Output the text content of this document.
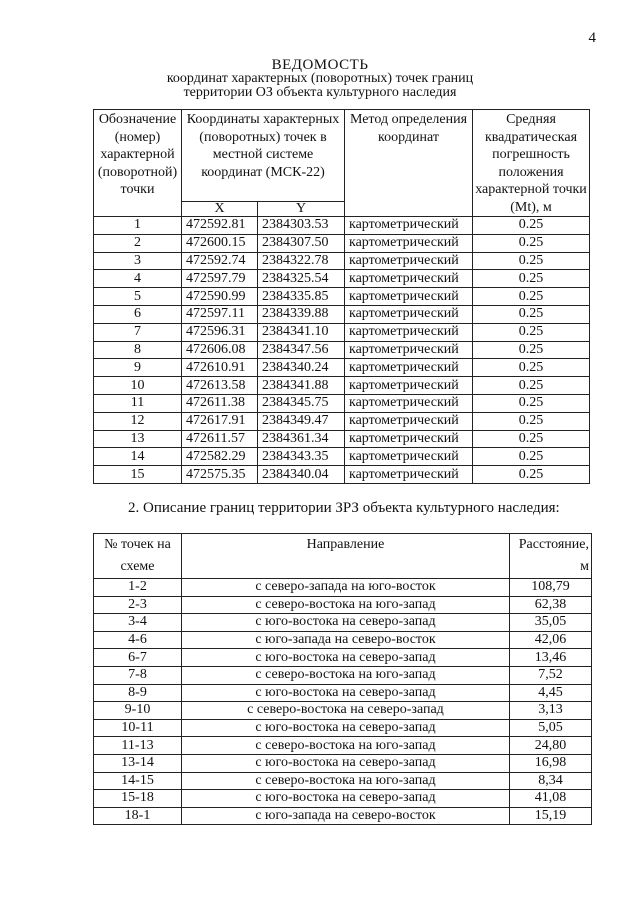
4
ВЕДОМОСТЬ
координат характерных (поворотных) точек границ
территории ОЗ объекта культурного наследия
Обозначение (номер) характерной (поворотной) точки	Координаты характерных (поворотных) точек в местной системе координат (МСК-22)		Метод определения координат	Средняя квадратическая погрешность положения характерной точки (Mt), м
	X	Y		
1	472592.81	2384303.53	картометрический	0.25
2	472600.15	2384307.50	картометрический	0.25
3	472592.74	2384322.78	картометрический	0.25
4	472597.79	2384325.54	картометрический	0.25
5	472590.99	2384335.85	картометрический	0.25
6	472597.11	2384339.88	картометрический	0.25
7	472596.31	2384341.10	картометрический	0.25
8	472606.08	2384347.56	картометрический	0.25
9	472610.91	2384340.24	картометрический	0.25
10	472613.58	2384341.88	картометрический	0.25
11	472611.38	2384345.75	картометрический	0.25
12	472617.91	2384349.47	картометрический	0.25
13	472611.57	2384361.34	картометрический	0.25
14	472582.29	2384343.35	картометрический	0.25
15	472575.35	2384340.04	картометрический	0.25
2. Описание границ территории ЗРЗ объекта культурного наследия:
№ точек на схеме	Направление	Расстояние, м
1-2	с северо-запада на юго-восток	108,79
2-3	с северо-востока на юго-запад	62,38
3-4	с юго-востока на северо-запад	35,05
4-6	с юго-запада на северо-восток	42,06
6-7	с юго-востока на северо-запад	13,46
7-8	с северо-востока на юго-запад	7,52
8-9	с юго-востока на северо-запад	4,45
9-10	с северо-востока на северо-запад	3,13
10-11	с юго-востока на северо-запад	5,05
11-13	с северо-востока на юго-запад	24,80
13-14	с юго-востока на северо-запад	16,98
14-15	с северо-востока на юго-запад	8,34
15-18	с юго-востока на северо-запад	41,08
18-1	с юго-запада на северо-восток	15,19
